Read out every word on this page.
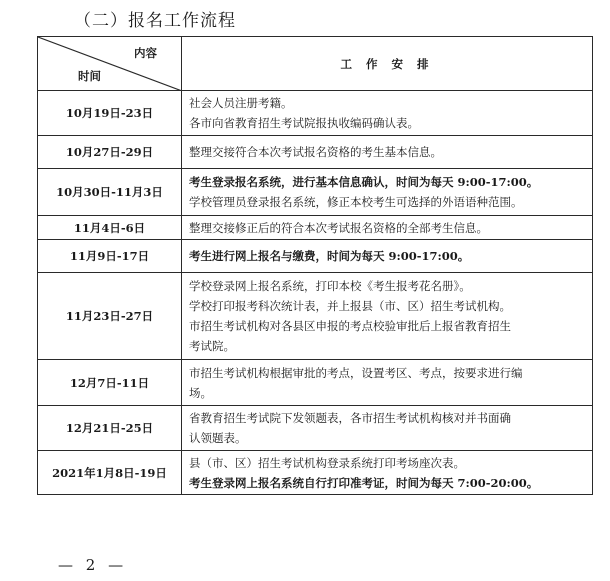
（二）报名工作流程
内容
时间	工 作 安 排
10月19日-23日	社会人员注册考籍。
各市向省教育招生考试院报执收编码确认表。

10月27日-29日	整理交接符合本次考试报名资格的考生基本信息。

10月30日-11月3日	考生登录报名系统，进行基本信息确认，时间为每天 9:00-17:00。
学校管理员登录报名系统，修正本校考生可选择的外语语种范围。

11月4日-6日	整理交接修正后的符合本次考试报名资格的全部考生信息。

11月9日-17日	考生进行网上报名与缴费，时间为每天 9:00-17:00。

11月23日-27日	学校登录网上报名系统，打印本校《考生报考花名册》。
学校打印报考科次统计表，并上报县（市、区）招生考试机构。
市招生考试机构对各县区申报的考点校验审批后上报省教育招生
考试院。

12月7日-11日	市招生考试机构根据审批的考点，设置考区、考点，按要求进行编
场。

12月21日-25日	省教育招生考试院下发领题表，各市招生考试机构核对并书面确
认领题表。

2021年1月8日-19日	县（市、区）招生考试机构登录系统打印考场座次表。
考生登录网上报名系统自行打印准考证，时间为每天 7:00-20:00。
— 2 —
